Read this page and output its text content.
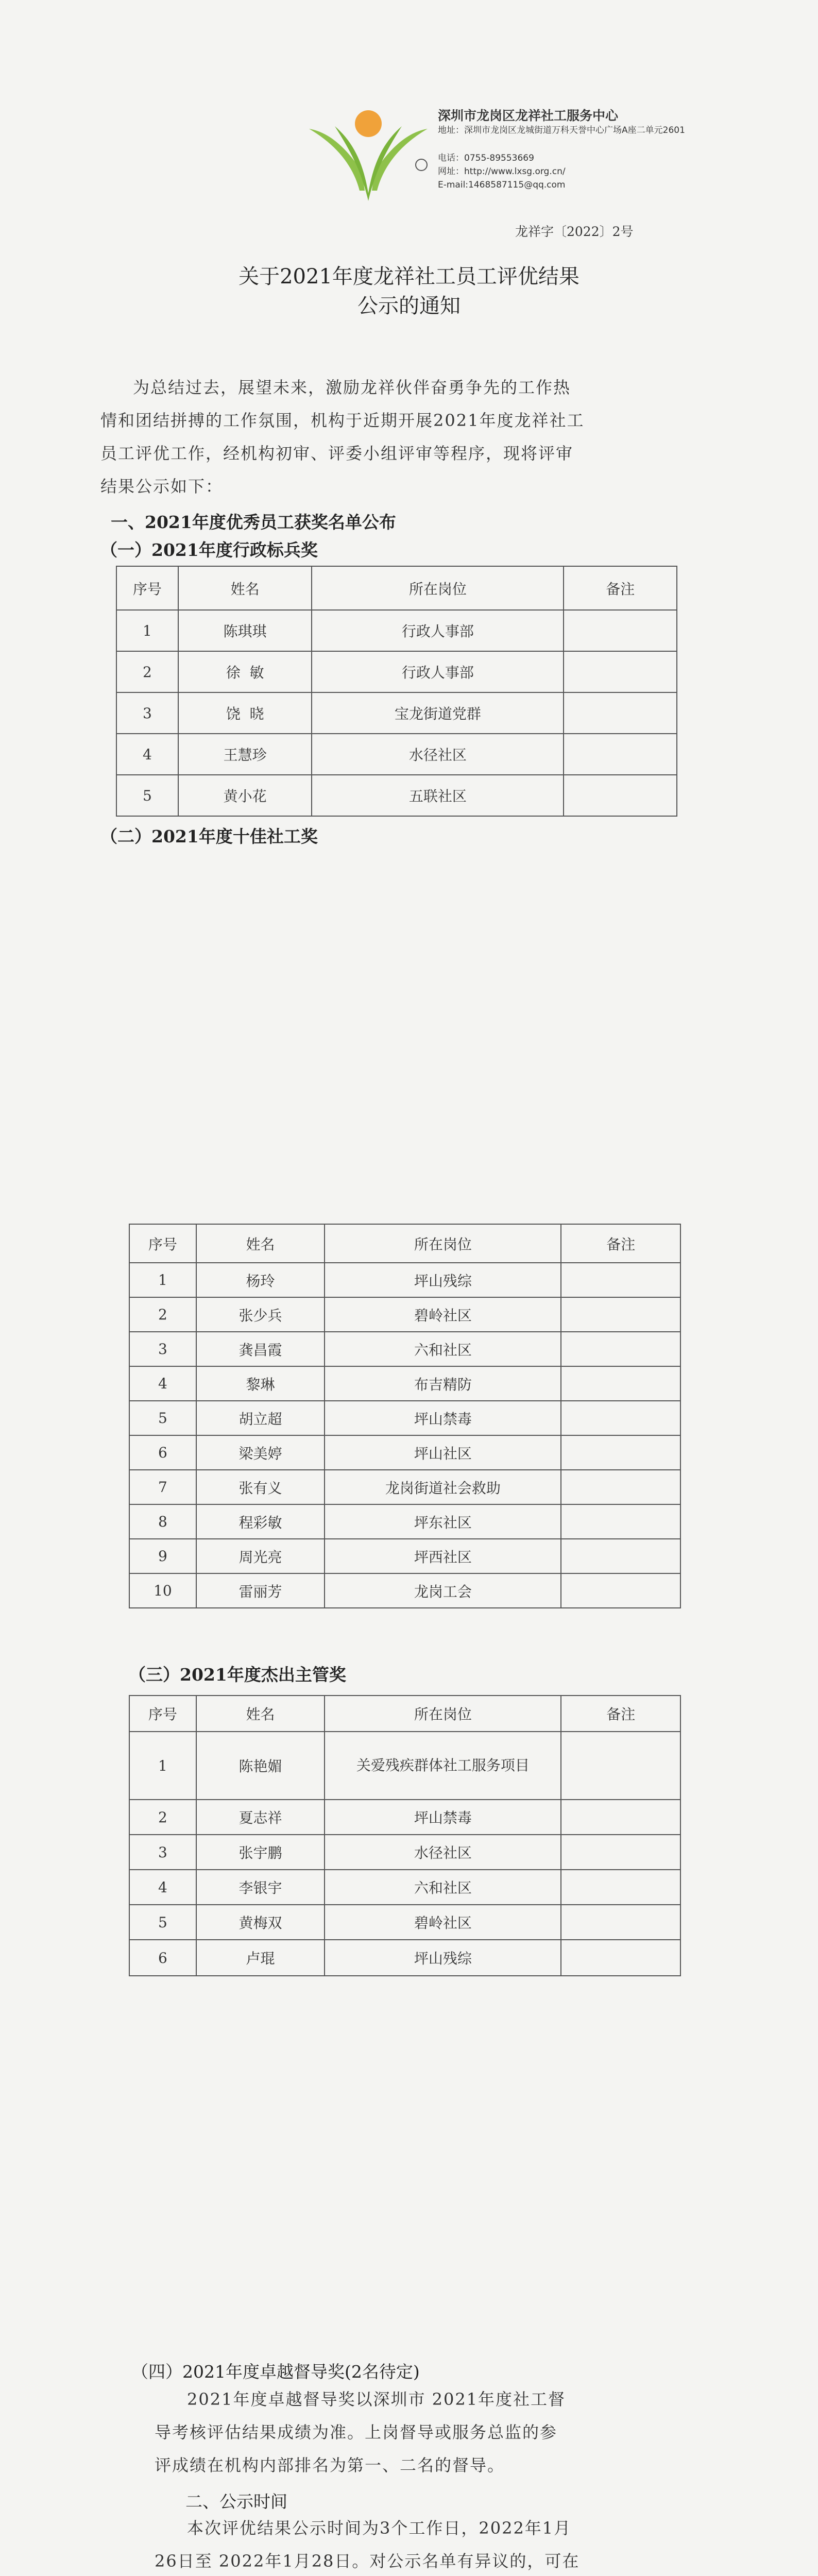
深圳市龙岗区龙祥社工服务中心
地址：深圳市龙岗区龙城街道万科天誉中心广场A座二单元2601
电话：0755-89553669
网址：http://www.lxsg.org.cn/
E-mail:1468587115@qq.com
龙祥字〔2022〕2号
关于2021年度龙祥社工员工评优结果
公示的通知
为总结过去，展望未来，激励龙祥伙伴奋勇争先的工作热
情和团结拼搏的工作氛围，机构于近期开展2021年度龙祥社工
员工评优工作，经机构初审、评委小组评审等程序，现将评审
结果公示如下：
一、2021年度优秀员工获奖名单公布
（一）2021年度行政标兵奖
序号	姓名	所在岗位	备注
1	陈琪琪	行政人事部	
2	徐  敏	行政人事部	
3	饶  晓	宝龙街道党群	
4	王慧珍	水径社区	
5	黄小花	五联社区	
（二）2021年度十佳社工奖
序号	姓名	所在岗位	备注
1	杨玲	坪山残综	
2	张少兵	碧岭社区	
3	龚昌霞	六和社区	
4	黎琳	布吉精防	
5	胡立超	坪山禁毒	
6	梁美婷	坪山社区	
7	张有义	龙岗街道社会救助	
8	程彩敏	坪东社区	
9	周光亮	坪西社区	
10	雷丽芳	龙岗工会	
（三）2021年度杰出主管奖
序号	姓名	所在岗位	备注
1	陈艳媚	关爱残疾群体社工服务项目	
2	夏志祥	坪山禁毒	
3	张宇鹏	水径社区	
4	李银宇	六和社区	
5	黄梅双	碧岭社区	
6	卢琨	坪山残综	
（四）2021年度卓越督导奖(2名待定)
2021年度卓越督导奖以深圳市 2021年度社工督
导考核评估结果成绩为准。上岗督导或服务总监的参
评成绩在机构内部排名为第一、二名的督导。
二、公示时间
本次评优结果公示时间为3个工作日，2022年1月
26日至 2022年1月28日。对公示名单有异议的，可在
